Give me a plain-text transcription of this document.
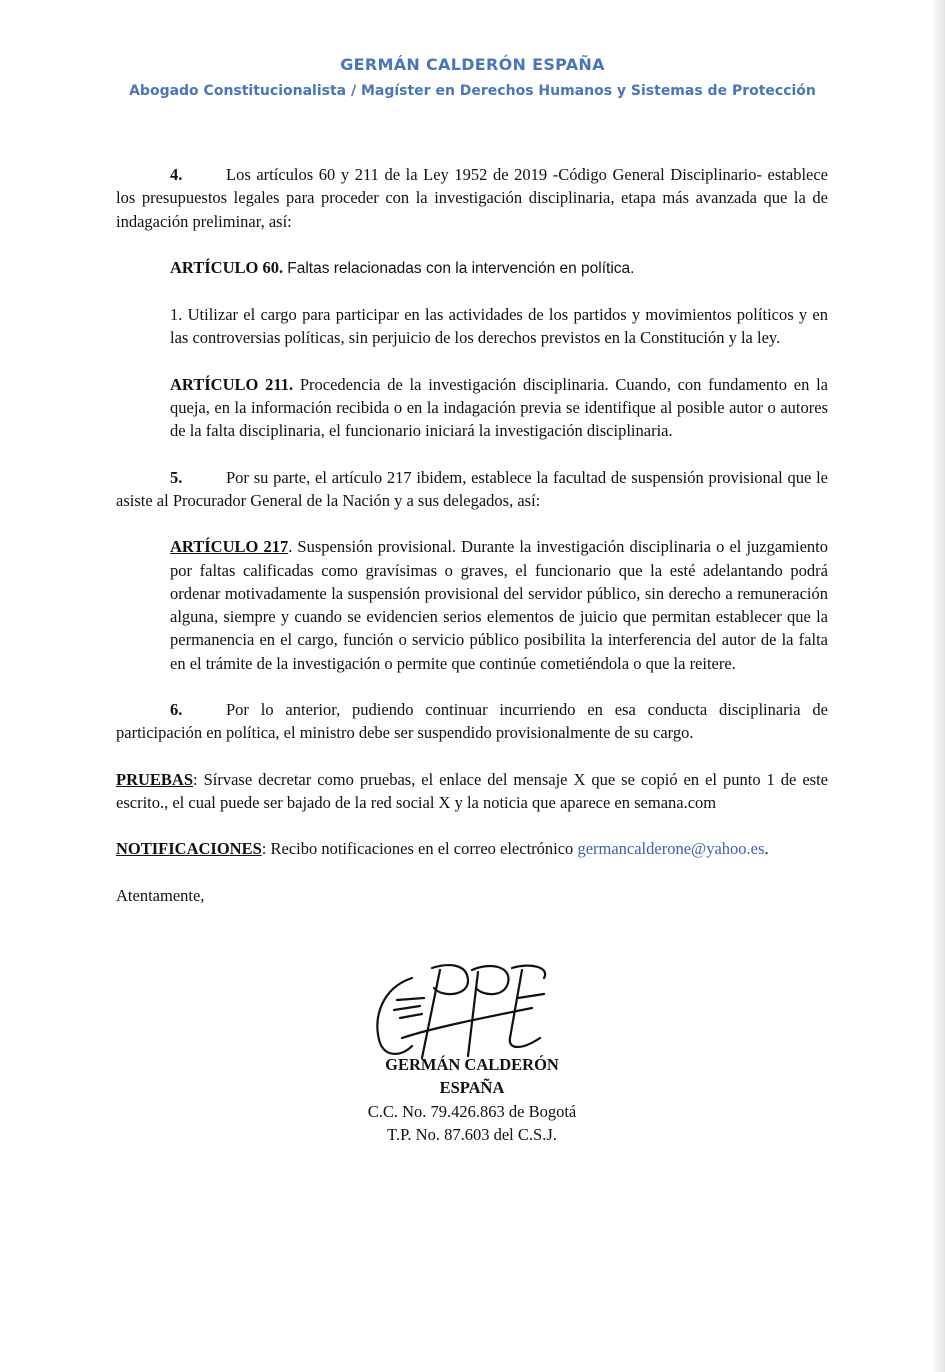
GERMÁN CALDERÓN ESPAÑA
Abogado Constitucionalista / Magíster en Derechos Humanos y Sistemas de Protección

4.	Los artículos 60 y 211 de la Ley 1952 de 2019 -Código General Disciplinario- establece los presupuestos legales para proceder con la investigación disciplinaria, etapa más avanzada que la de indagación preliminar, así:

ARTÍCULO 60. Faltas relacionadas con la intervención en política.

1. Utilizar el cargo para participar en las actividades de los partidos y movimientos políticos y en las controversias políticas, sin perjuicio de los derechos previstos en la Constitución y la ley.

ARTÍCULO 211. Procedencia de la investigación disciplinaria. Cuando, con fundamento en la queja, en la información recibida o en la indagación previa se identifique al posible autor o autores de la falta disciplinaria, el funcionario iniciará la investigación disciplinaria.

5.	Por su parte, el artículo 217 ibidem, establece la facultad de suspensión provisional que le asiste al Procurador General de la Nación y a sus delegados, así:

ARTÍCULO 217. Suspensión provisional. Durante la investigación disciplinaria o el juzgamiento por faltas calificadas como gravísimas o graves, el funcionario que la esté adelantando podrá ordenar motivadamente la suspensión provisional del servidor público, sin derecho a remuneración alguna, siempre y cuando se evidencien serios elementos de juicio que permitan establecer que la permanencia en el cargo, función o servicio público posibilita la interferencia del autor de la falta en el trámite de la investigación o permite que continúe cometiéndola o que la reitere.

6.	Por lo anterior, pudiendo continuar incurriendo en esa conducta disciplinaria de participación en política, el ministro debe ser suspendido provisionalmente de su cargo.

PRUEBAS: Sírvase decretar como pruebas, el enlace del mensaje X que se copió en el punto 1 de este escrito., el cual puede ser bajado de la red social X y la noticia que aparece en semana.com

NOTIFICACIONES: Recibo notificaciones en el correo electrónico germancalderone@yahoo.es.

Atentamente,

GERMÁN CALDERÓN ESPAÑA
C.C. No. 79.426.863 de Bogotá
T.P. No. 87.603 del C.S.J.
